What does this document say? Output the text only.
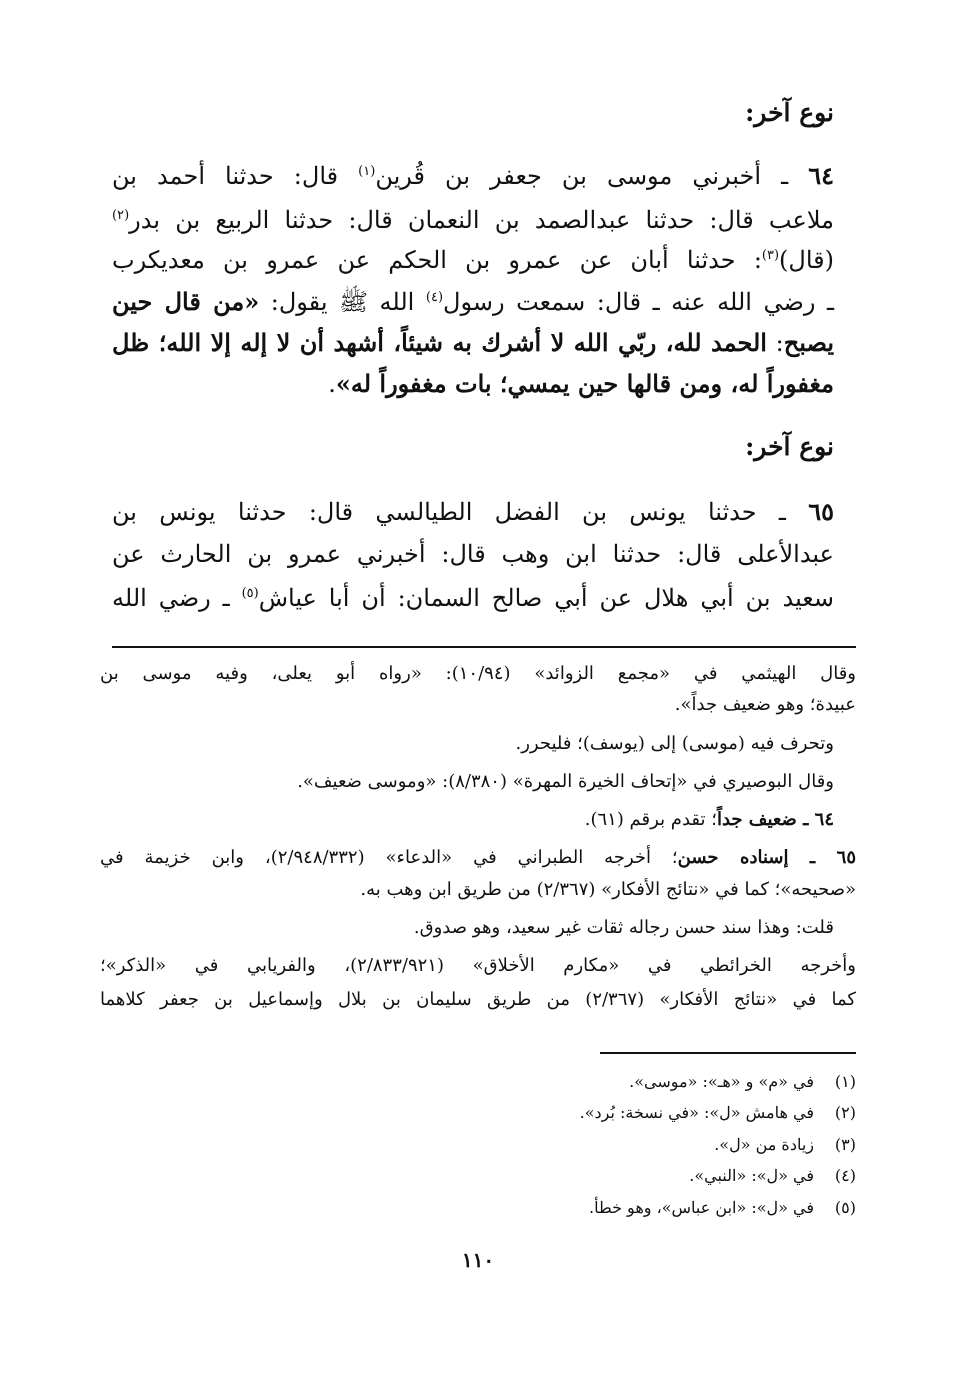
نوع آخر:
٦٤ ـ أخبرني موسى بن جعفر بن قُرين$^{(١)}$ قال: حدثنا أحمد بن
ملاعب قال: حدثنا عبدالصمد بن النعمان قال: حدثنا الربيع بن بدر$^{(٢)}$
(قال)$^{(٣)}$: حدثنا أبان عن عمرو بن الحكم عن عمرو بن معديكرب
ـ رضي الله عنه ـ قال: سمعت رسول$^{(٤)}$ الله ﷺ يقول: «من قال حين
يصبح: الحمد لله، ربّي الله لا أشرك به شيئاً، أشهد أن لا إله إلا الله؛ ظل
مغفوراً له، ومن قالها حين يمسي؛ بات مغفوراً له».
نوع آخر:
٦٥ ـ حدثنا يونس بن الفضل الطيالسي قال: حدثنا يونس بن
عبدالأعلى قال: حدثنا ابن وهب قال: أخبرني عمرو بن الحارث عن
سعيد بن أبي هلال عن أبي صالح السمان: أن أبا عياش$^{(٥)}$ ـ رضي الله
وقال الهيثمي في «مجمع الزوائد» (١٠/٩٤): «رواه أبو يعلى، وفيه موسى بن
عبيدة؛ وهو ضعيف جداً».
وتحرف فيه (موسى) إلى (يوسف)؛ فليحرر.
وقال البوصيري في «إتحاف الخيرة المهرة» (٨/٣٨٠): «وموسى ضعيف».
٦٤ ـ ضعيف جداً؛ تقدم برقم (٦١).
٦٥ ـ إسناده حسن؛ أخرجه الطبراني في «الدعاء» (٢/٩٤٨/٣٣٢)، وابن خزيمة في
«صحيحه»؛ كما في «نتائج الأفكار» (٢/٣٦٧) من طريق ابن وهب به.
قلت: وهذا سند حسن رجاله ثقات غير سعيد، وهو صدوق.
وأخرجه الخرائطي في «مكارم الأخلاق» (٢/٨٣٣/٩٢١)، والفريابي في «الذكر»؛
كما في «نتائج الأفكار» (٢/٣٦٧) من طريق سليمان بن بلال وإسماعيل بن جعفر كلاهما
(١)في «م» و «هـ»: «موسى».
(٢)في هامش «ل»: «في نسخة: بُرد».
(٣)زيادة من «ل».
(٤)في «ل»: «النبي».
(٥)في «ل»: «ابن عباس»، وهو خطأ.
١١٠
